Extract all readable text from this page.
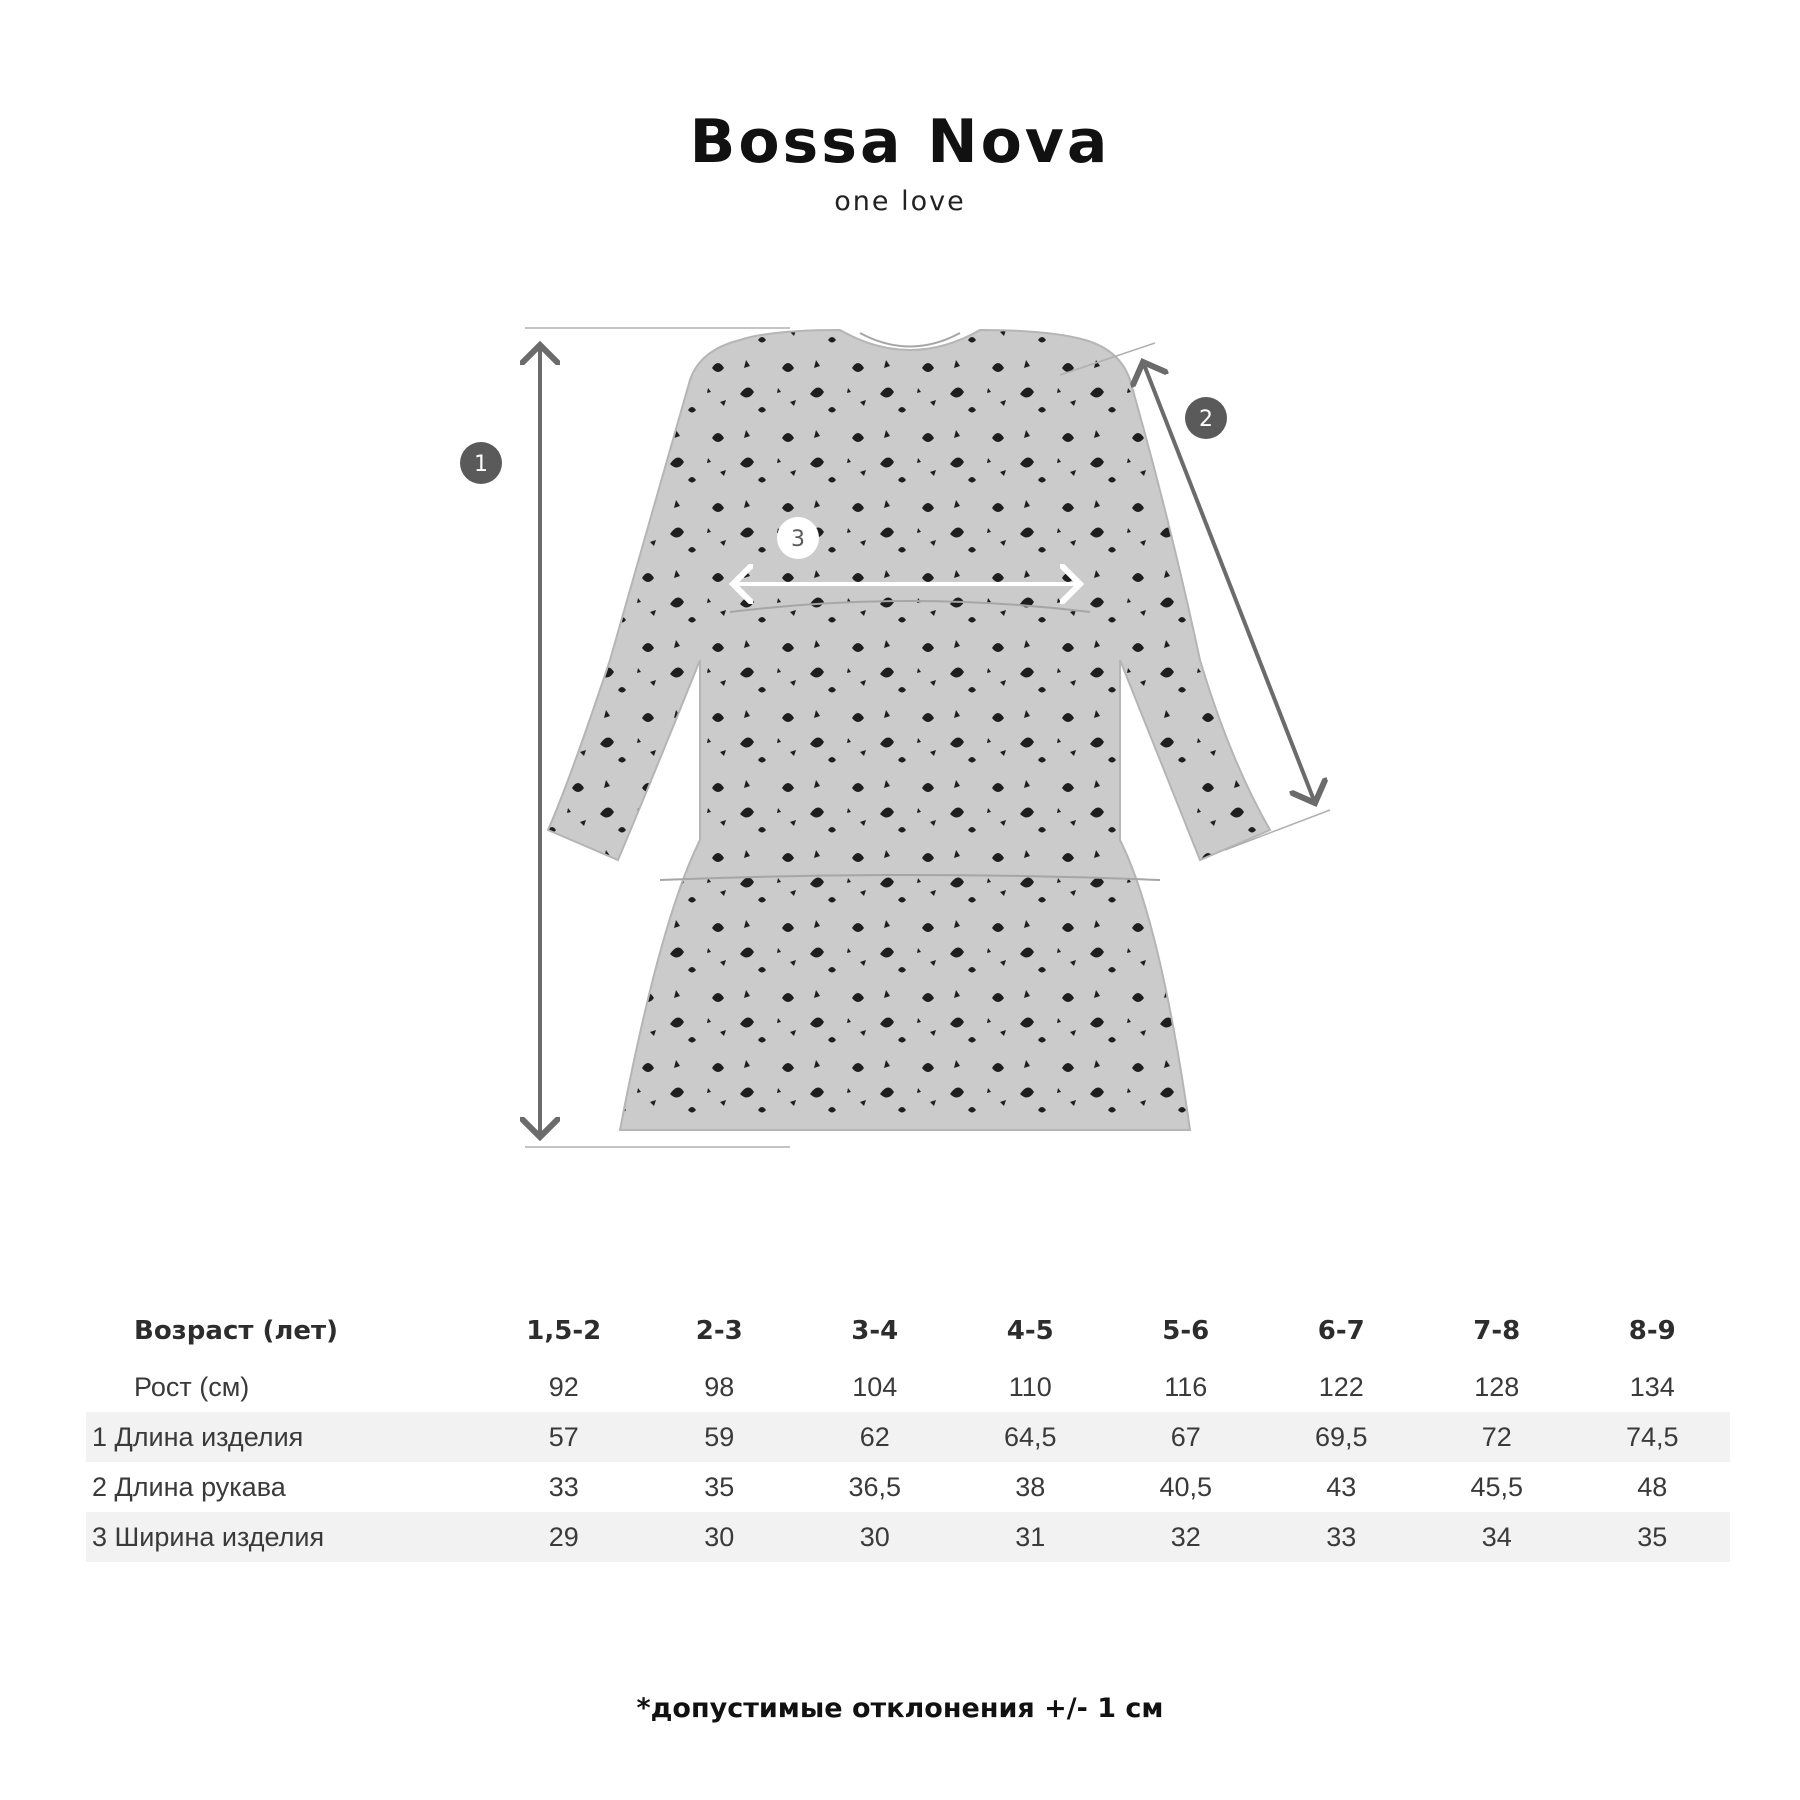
Bossa Nova
one love
1
2
3
Возраст (лет)	1,5-2	2-3	3-4	4-5	5-6	6-7	7-8	8-9
Рост (см)	92	98	104	110	116	122	128	134
1 Длина изделия	57	59	62	64,5	67	69,5	72	74,5
2 Длина рукава	33	35	36,5	38	40,5	43	45,5	48
3 Ширина изделия	29	30	30	31	32	33	34	35
*допустимые отклонения +/- 1 см
